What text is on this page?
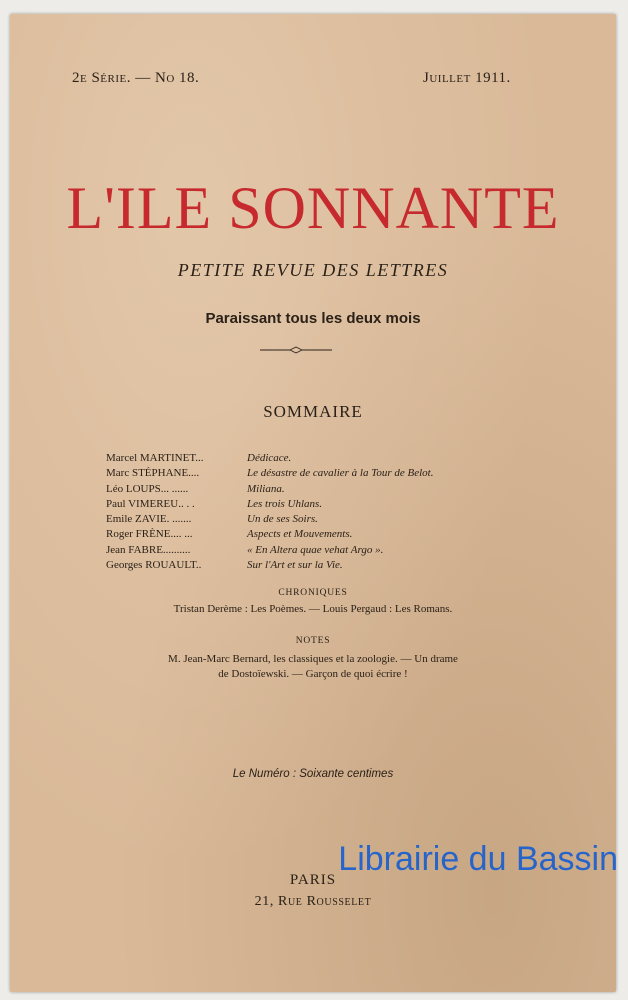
2e Série. — No 18.	Juillet 1911.
L'ILE SONNANTE
PETITE REVUE DES LETTRES
Paraissant tous les deux mois
SOMMAIRE
Marcel MARTINET...	Dédicace.
Marc STÉPHANE....	Le désastre de cavalier à la Tour de Belot.
Léo LOUPS... ......	Miliana.
Paul VIMEREU.. . .	Les trois Uhlans.
Emile ZAVIE. .......	Un de ses Soirs.
Roger FRÈNE.... ...	Aspects et Mouvements.
Jean FABRE..........	« En Altera quae vehat Argo ».
Georges ROUAULT..	Sur l'Art et sur la Vie.
CHRONIQUES
Tristan Derème : Les Poèmes. — Louis Pergaud : Les Romans.
NOTES
M. Jean-Marc Bernard, les classiques et la zoologie. — Un drame
de Dostoïewski. — Garçon de quoi écrire !
Le Numéro : Soixante centimes
PARIS
21, Rue Rousselet
Librairie du Bassin
